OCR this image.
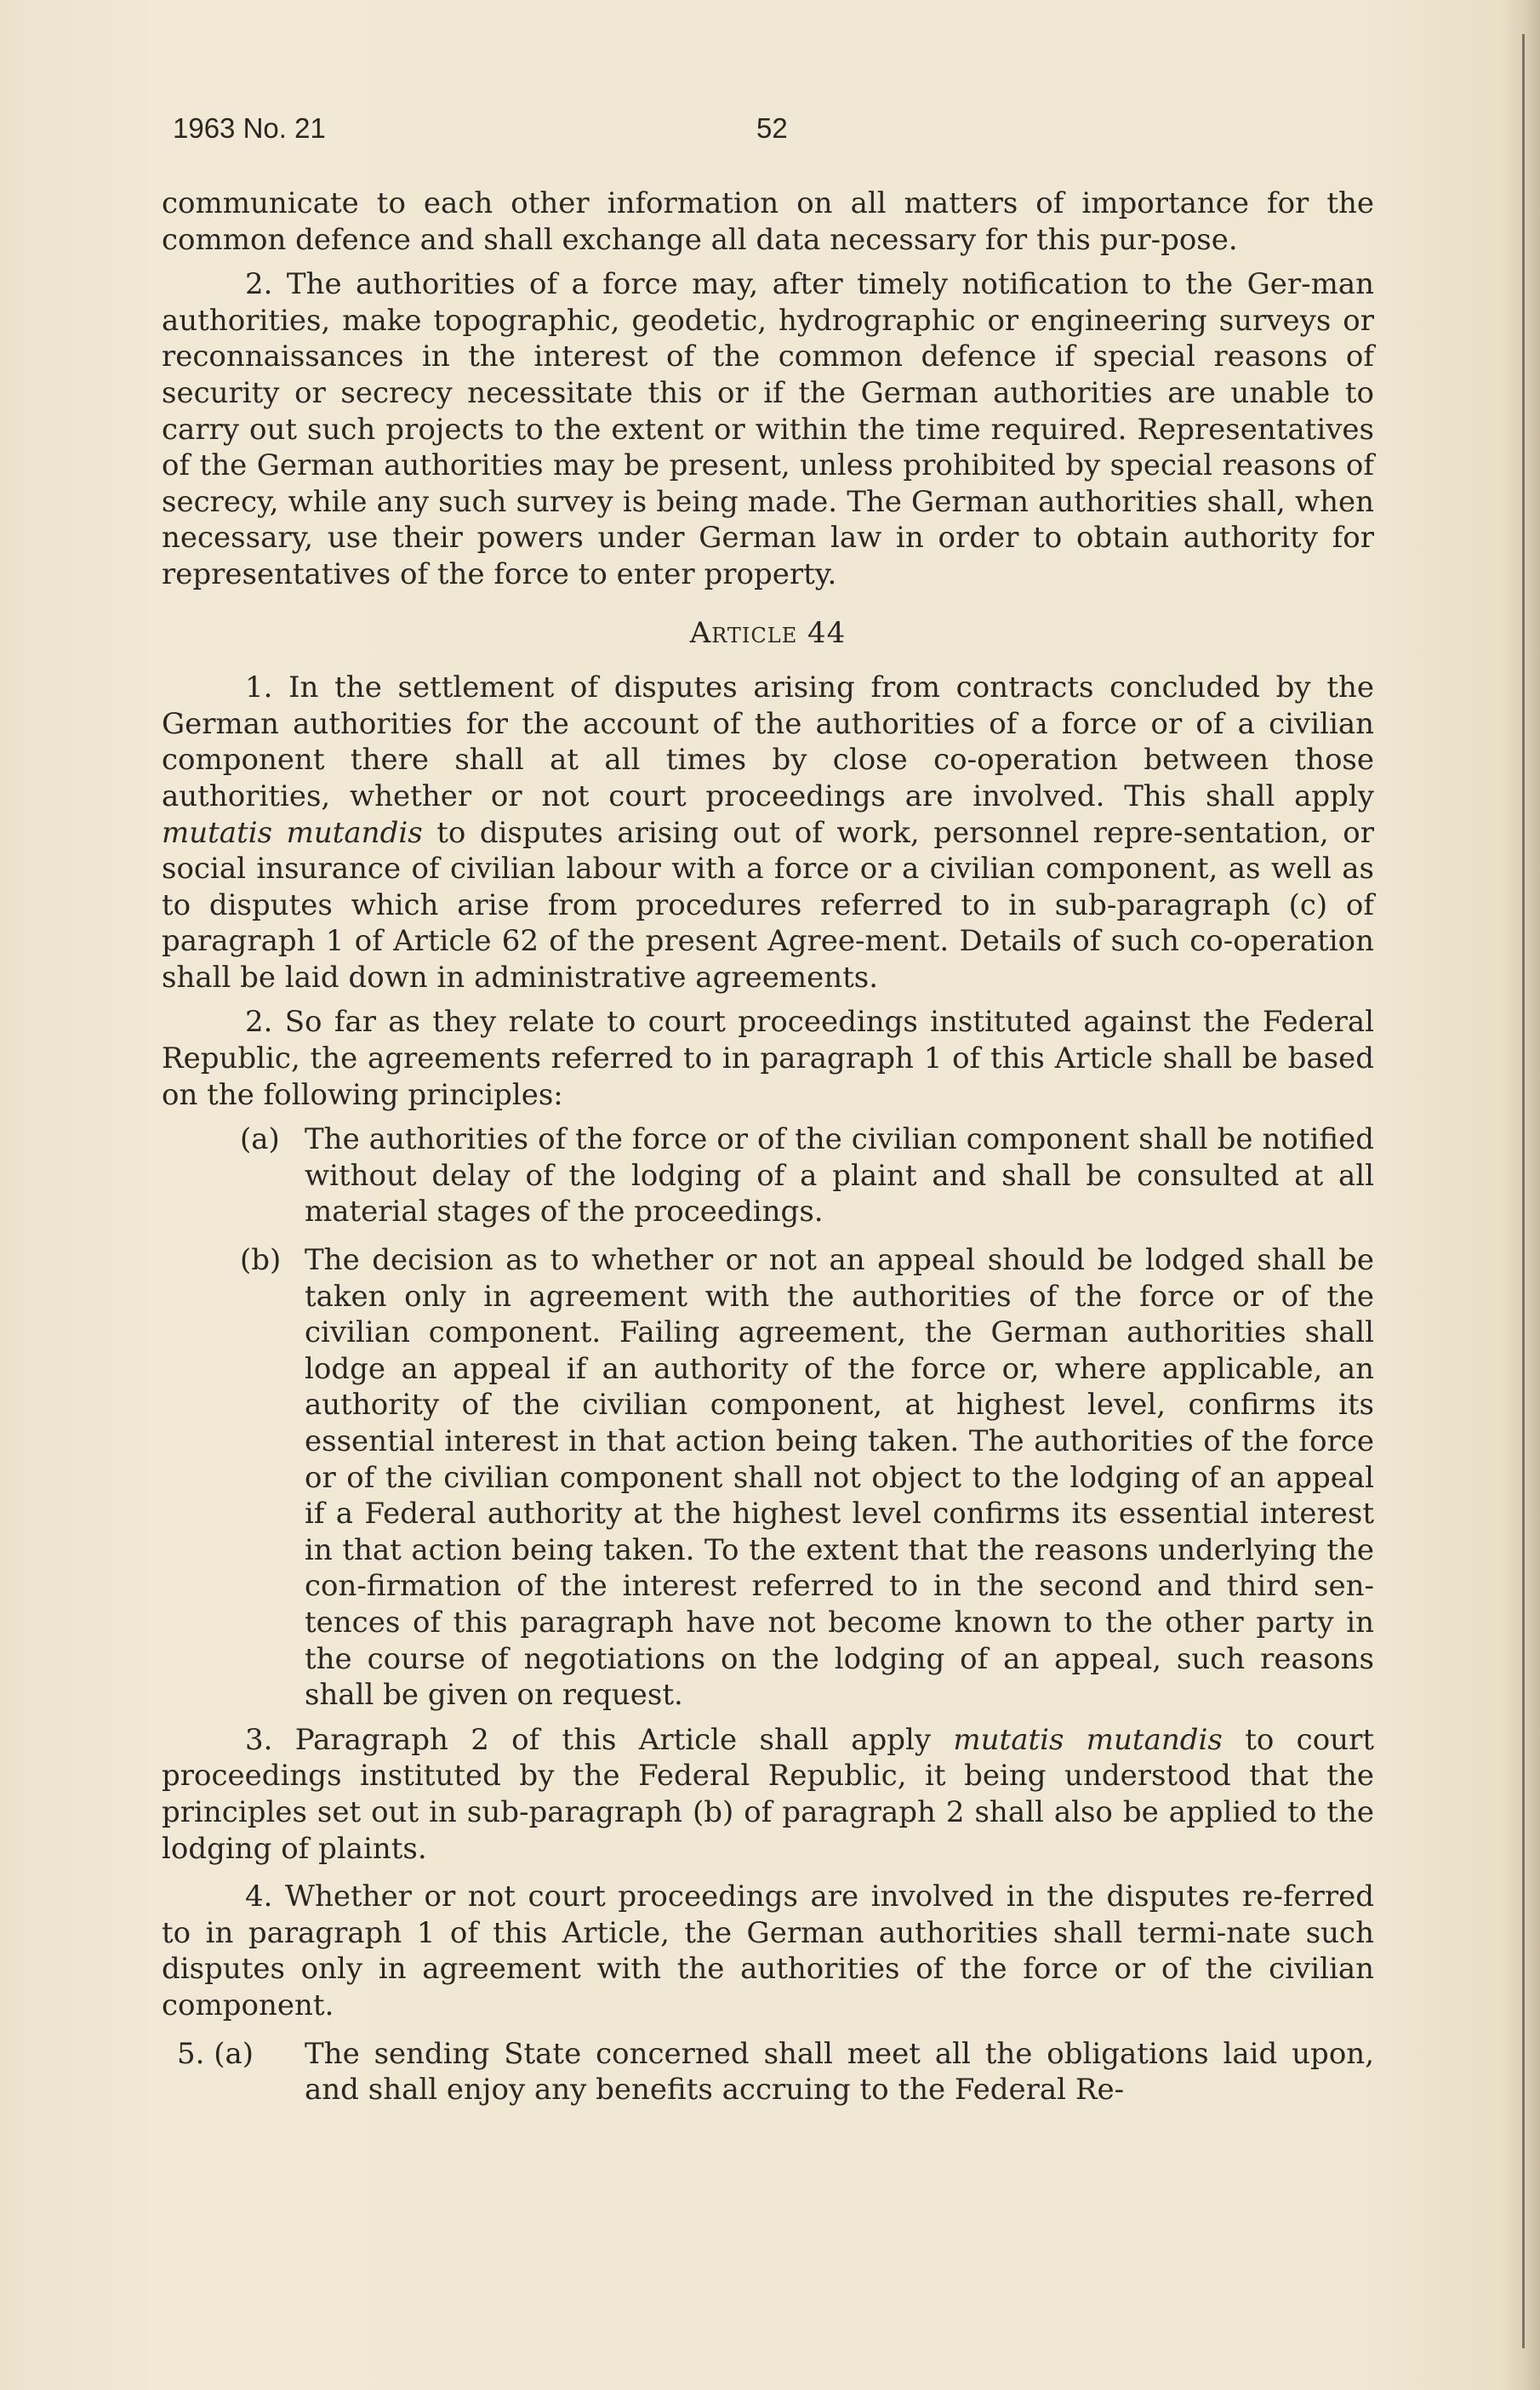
1963 No. 21	52

communicate to each other information on all matters of importance for the common defence and shall exchange all data necessary for this pur-pose.

2. The authorities of a force may, after timely notification to the Ger-man authorities, make topographic, geodetic, hydrographic or engineering surveys or reconnaissances in the interest of the common defence if special reasons of security or secrecy necessitate this or if the German authorities are unable to carry out such projects to the extent or within the time required. Representatives of the German authorities may be present, unless prohibited by special reasons of secrecy, while any such survey is being made. The German authorities shall, when necessary, use their powers under German law in order to obtain authority for representatives of the force to enter property.

Article 44

1. In the settlement of disputes arising from contracts concluded by the German authorities for the account of the authorities of a force or of a civilian component there shall at all times by close co-operation between those authorities, whether or not court proceedings are involved. This shall apply mutatis mutandis to disputes arising out of work, personnel repre-sentation, or social insurance of civilian labour with a force or a civilian component, as well as to disputes which arise from procedures referred to in sub-paragraph (c) of paragraph 1 of Article 62 of the present Agree-ment. Details of such co-operation shall be laid down in administrative agreements.

2. So far as they relate to court proceedings instituted against the Federal Republic, the agreements referred to in paragraph 1 of this Article shall be based on the following principles:

(a) The authorities of the force or of the civilian component shall be notified without delay of the lodging of a plaint and shall be consulted at all material stages of the proceedings.

(b) The decision as to whether or not an appeal should be lodged shall be taken only in agreement with the authorities of the force or of the civilian component. Failing agreement, the German authorities shall lodge an appeal if an authority of the force or, where applicable, an authority of the civilian component, at highest level, confirms its essential interest in that action being taken. The authorities of the force or of the civilian component shall not object to the lodging of an appeal if a Federal authority at the highest level confirms its essential interest in that action being taken. To the extent that the reasons underlying the con-firmation of the interest referred to in the second and third sen-tences of this paragraph have not become known to the other party in the course of negotiations on the lodging of an appeal, such reasons shall be given on request.

3. Paragraph 2 of this Article shall apply mutatis mutandis to court proceedings instituted by the Federal Republic, it being understood that the principles set out in sub-paragraph (b) of paragraph 2 shall also be applied to the lodging of plaints.

4. Whether or not court proceedings are involved in the disputes re-ferred to in paragraph 1 of this Article, the German authorities shall termi-nate such disputes only in agreement with the authorities of the force or of the civilian component.

5. (a) The sending State concerned shall meet all the obligations laid upon, and shall enjoy any benefits accruing to the Federal Re-
